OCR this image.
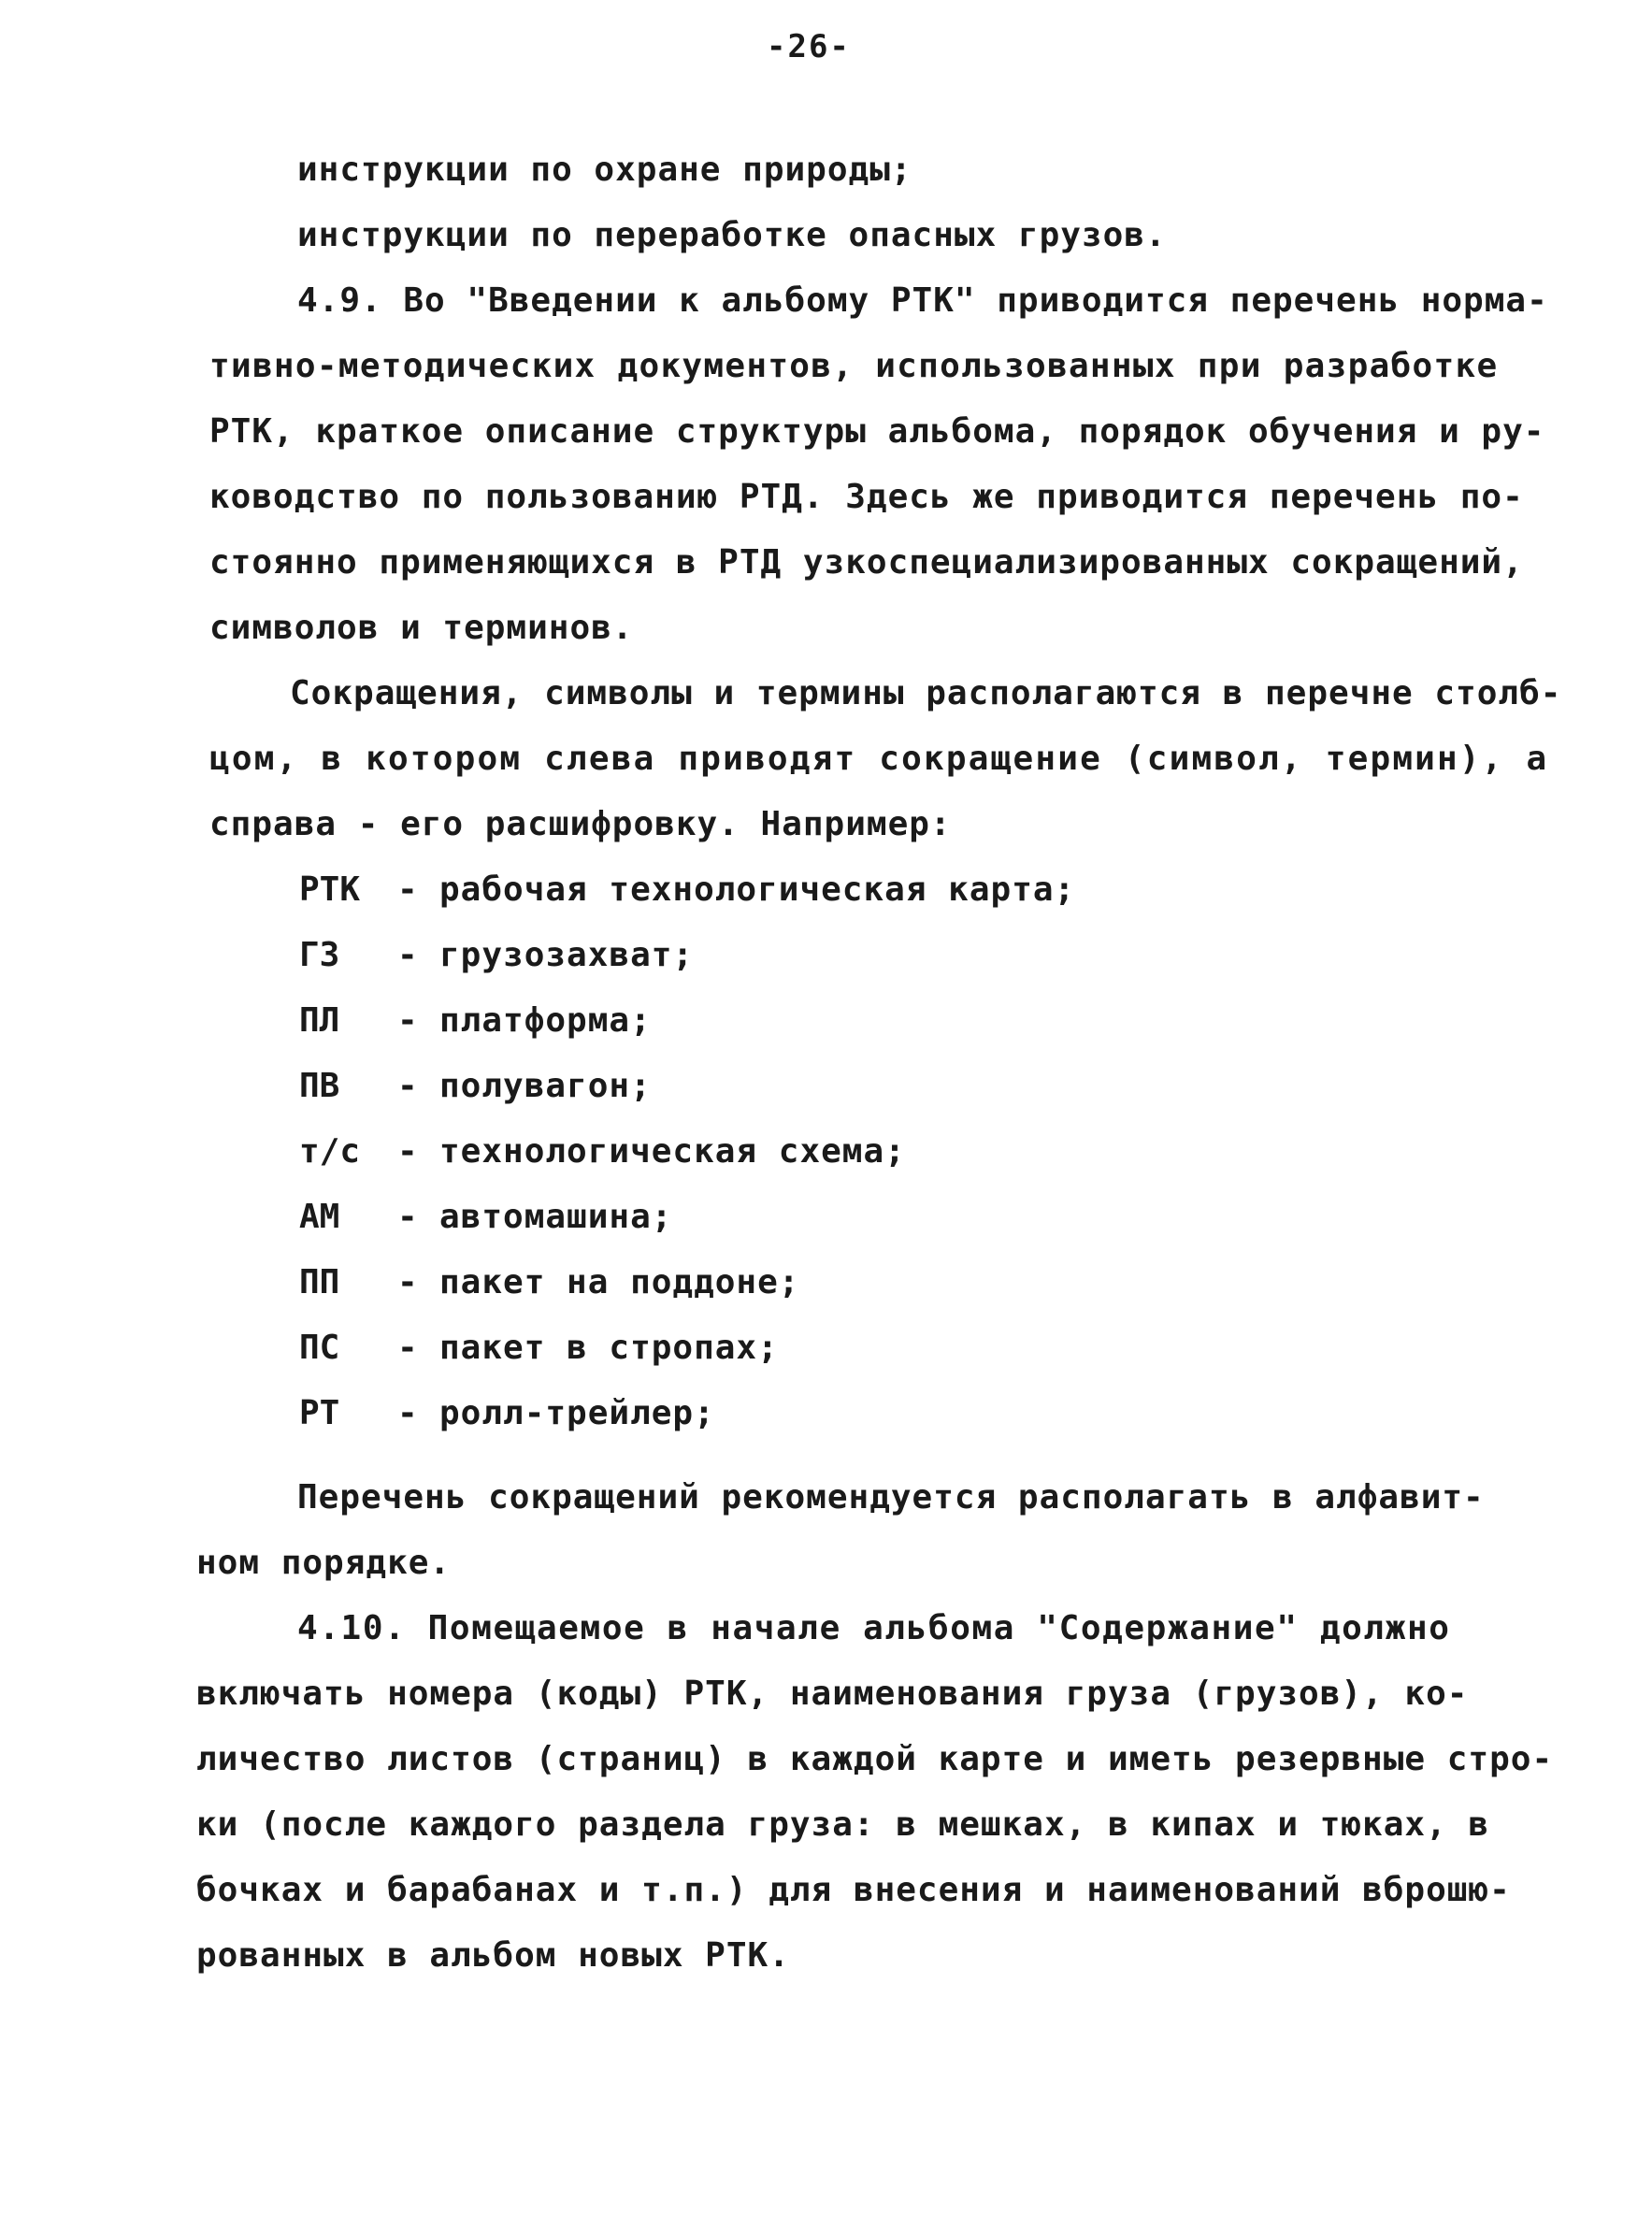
-26-
инструкции по охране природы;
инструкции по переработке опасных грузов.
4.9. Во "Введении к альбому РТК" приводится перечень норма-
тивно-методических документов, использованных при разработке
РТК, краткое описание структуры альбома, порядок обучения и ру-
ководство по пользованию РТД. Здесь же приводится перечень по-
стоянно применяющихся в РТД узкоспециализированных сокращений,
символов и терминов.
Сокращения, символы и термины располагаются в перечне столб-
цом, в котором слева приводят сокращение (символ, термин), а
справа - его расшифровку. Например:
РТК - рабочая технологическая карта;
ГЗ - грузозахват;
ПЛ - платформа;
ПВ - полувагон;
т/с - технологическая схема;
АМ - автомашина;
ПП - пакет на поддоне;
ПС - пакет в стропах;
РТ - ролл-трейлер;
Перечень сокращений рекомендуется располагать в алфавит-
ном порядке.
4.10. Помещаемое в начале альбома "Содержание" должно
включать номера (коды) РТК, наименования груза (грузов), ко-
личество листов (страниц) в каждой карте и иметь резервные стро-
ки (после каждого раздела груза: в мешках, в кипах и тюках, в
бочках и барабанах и т.п.) для внесения и наименований вброшю-
рованных в альбом новых РТК.
